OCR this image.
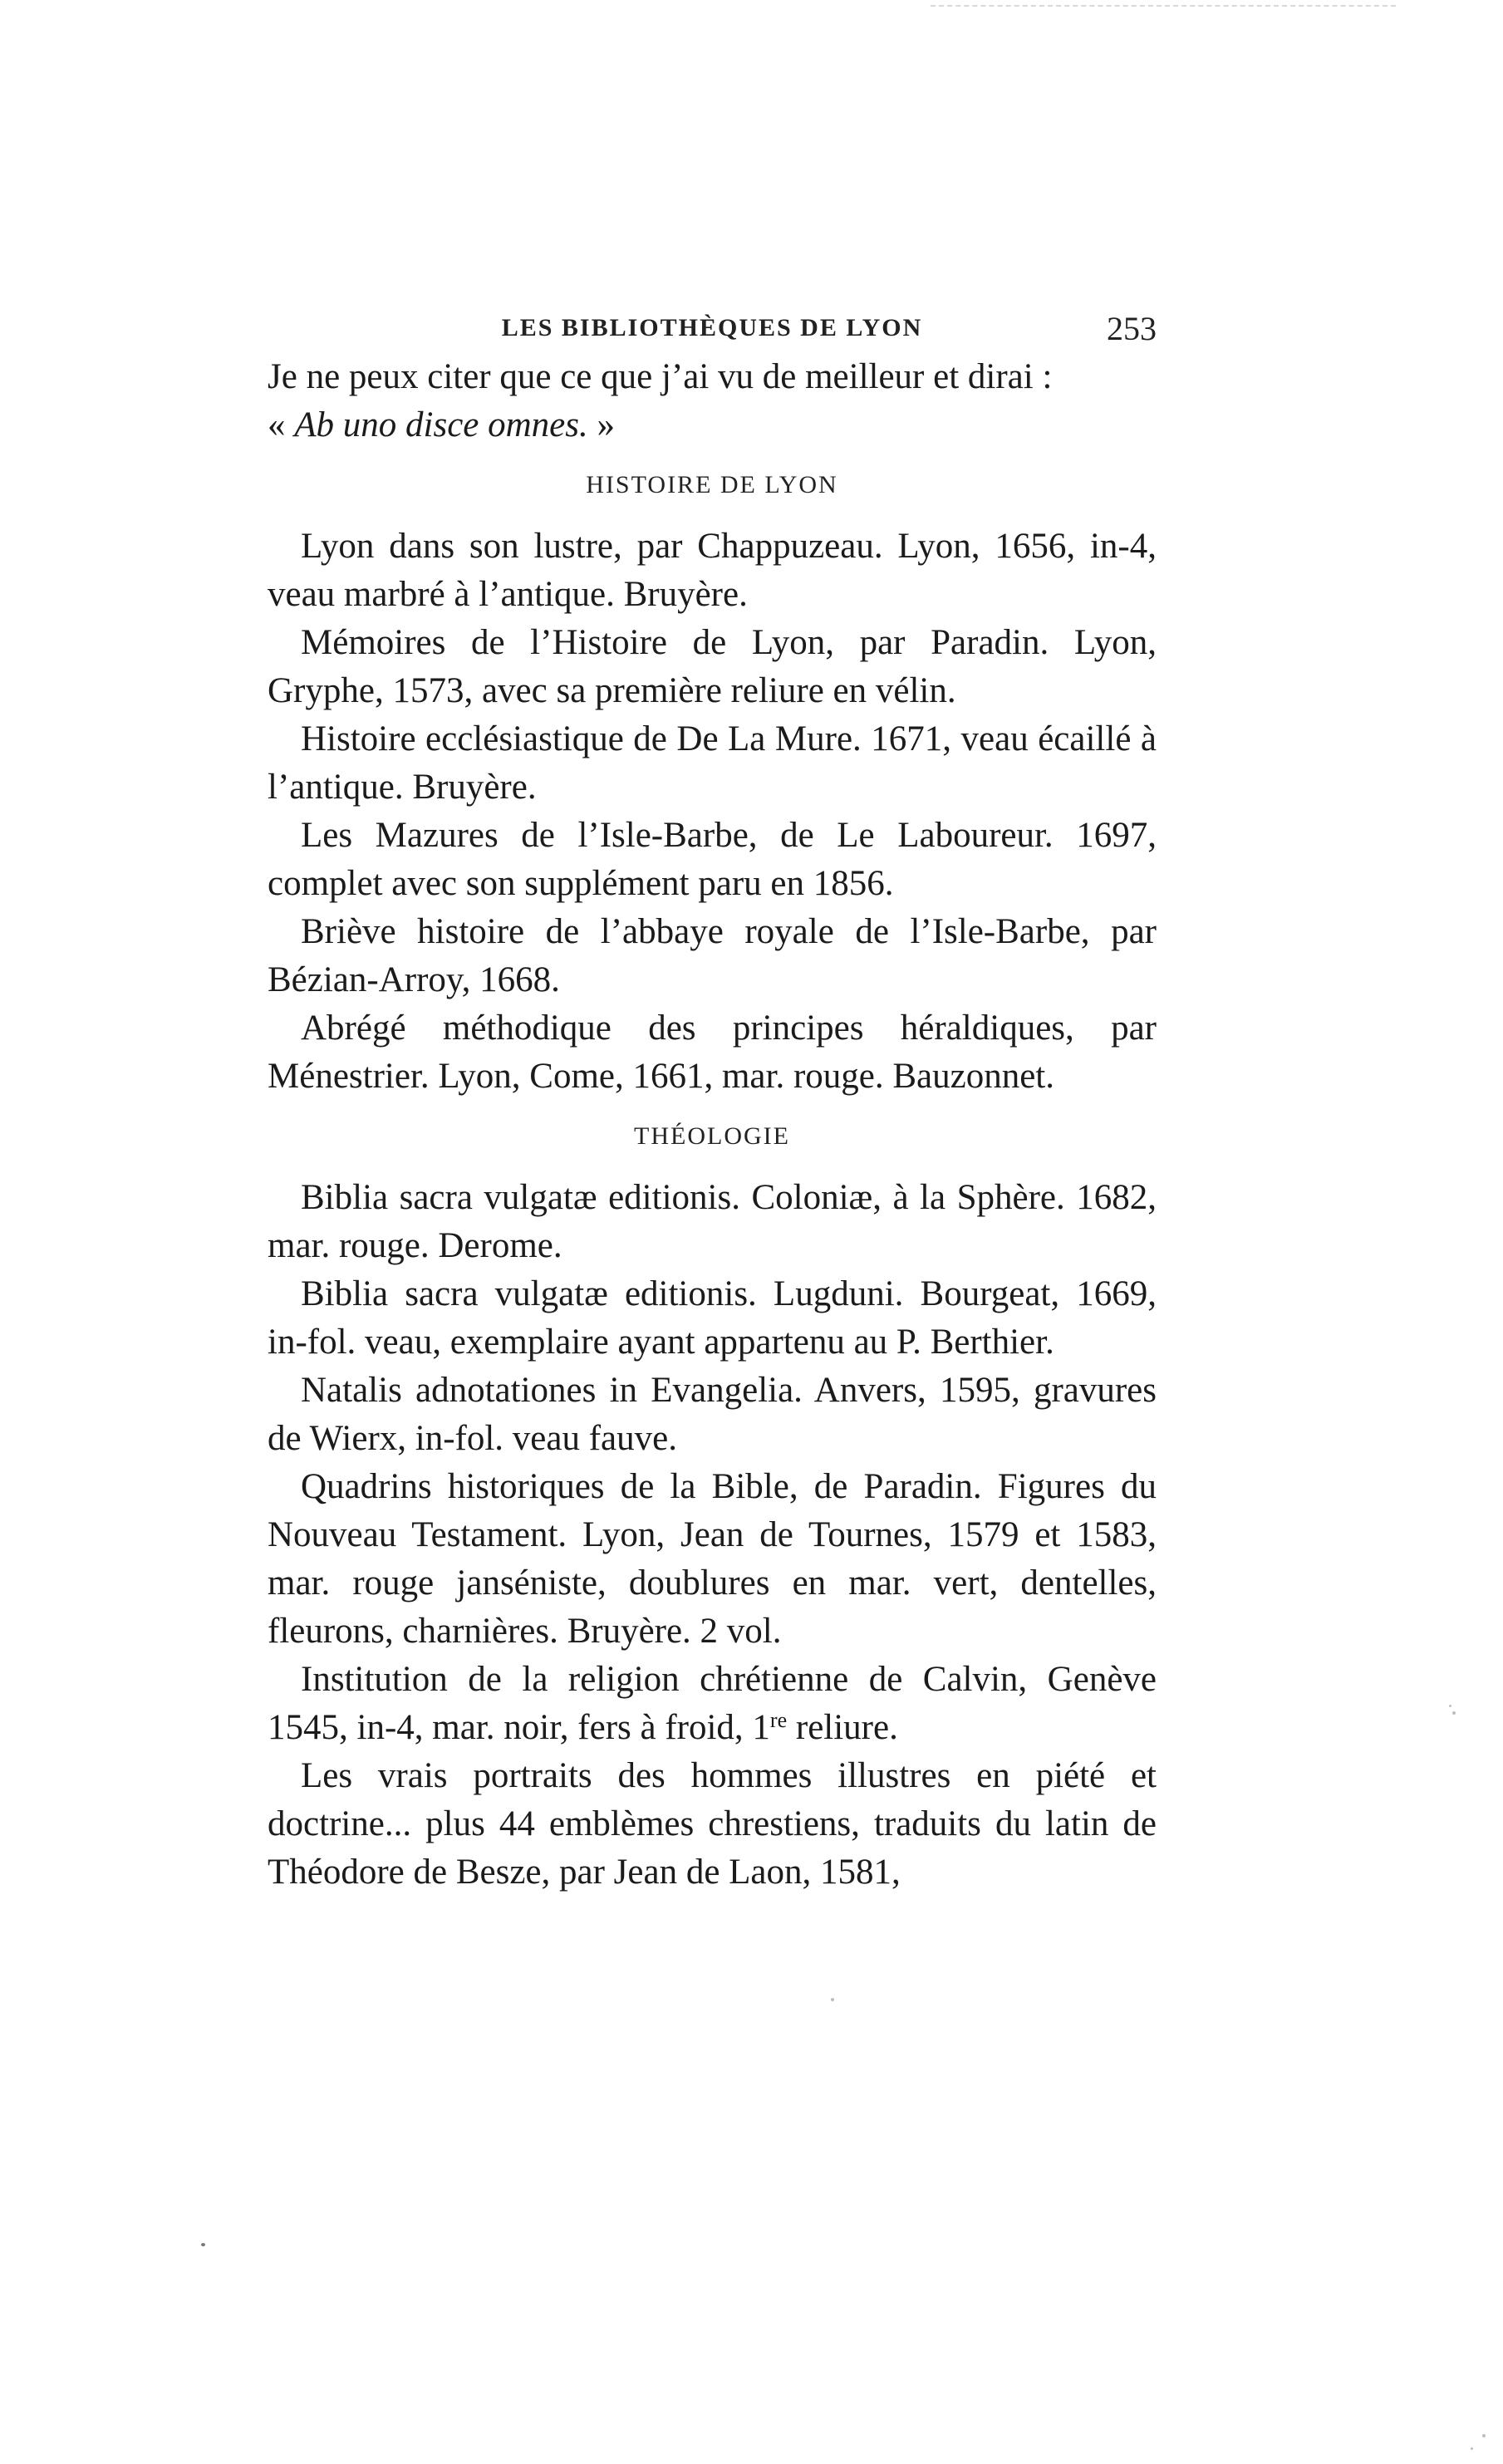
LES BIBLIOTHÈQUES DE LYON	253

Je ne peux citer que ce que j’ai vu de meilleur et dirai :
« Ab uno disce omnes. »

HISTOIRE DE LYON

Lyon dans son lustre, par Chappuzeau. Lyon, 1656, in-4, veau marbré à l’antique. Bruyère.

Mémoires de l’Histoire de Lyon, par Paradin. Lyon, Gryphe, 1573, avec sa première reliure en vélin.

Histoire ecclésiastique de De La Mure. 1671, veau écaillé à l’antique. Bruyère.

Les Mazures de l’Isle-Barbe, de Le Laboureur. 1697, complet avec son supplément paru en 1856.

Briève histoire de l’abbaye royale de l’Isle-Barbe, par Bézian-Arroy, 1668.

Abrégé méthodique des principes héraldiques, par Ménestrier. Lyon, Come, 1661, mar. rouge. Bauzonnet.

THÉOLOGIE

Biblia sacra vulgatæ editionis. Coloniæ, à la Sphère. 1682, mar. rouge. Derome.

Biblia sacra vulgatæ editionis. Lugduni. Bourgeat, 1669, in-fol. veau, exemplaire ayant appartenu au P. Berthier.

Natalis adnotationes in Evangelia. Anvers, 1595, gravures de Wierx, in-fol. veau fauve.

Quadrins historiques de la Bible, de Paradin. Figures du Nouveau Testament. Lyon, Jean de Tournes, 1579 et 1583, mar. rouge janséniste, doublures en mar. vert, dentelles, fleurons, charnières. Bruyère. 2 vol.

Institution de la religion chrétienne de Calvin, Genève 1545, in-4, mar. noir, fers à froid, 1re reliure.

Les vrais portraits des hommes illustres en piété et doctrine... plus 44 emblèmes chrestiens, traduits du latin de Théodore de Besze, par Jean de Laon, 1581,
